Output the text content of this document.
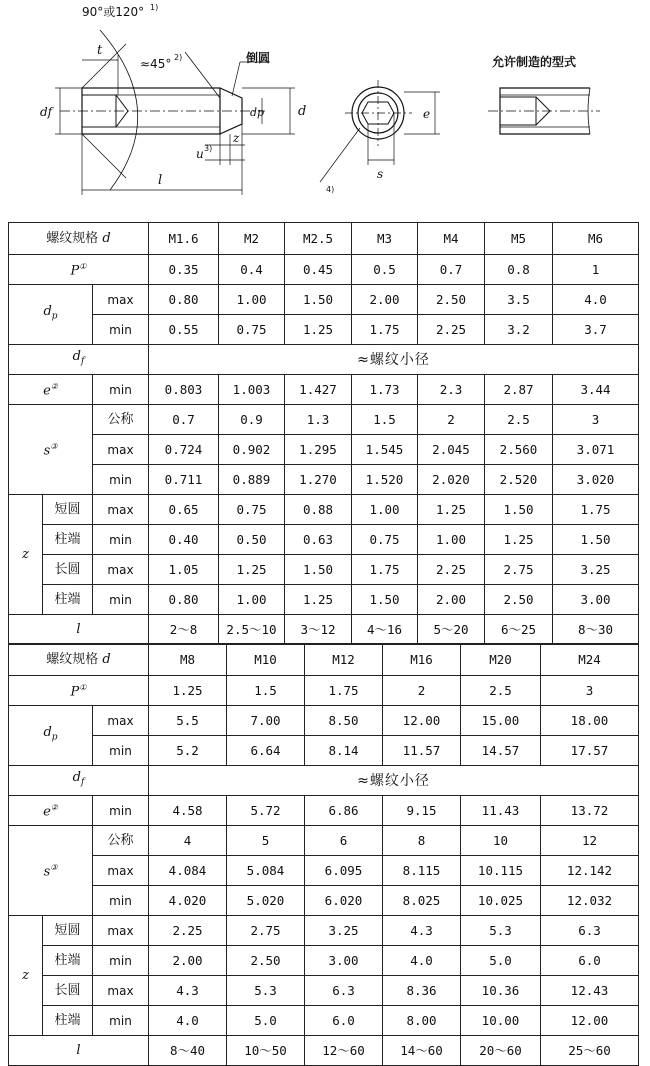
90°或120° 1)
t
≈45° 2)	倒圆
df	dp	d
u 3)
z
l
e
s
4)
允许制造的型式
螺纹规格 d			M1.6	M2	M2.5	M3	M4	M5	M6
P①			0.35	0.4	0.45	0.5	0.7	0.8	1
$d_p$		max	0.80	1.00	1.50	2.00	2.50	3.5	4.0
		min	0.55	0.75	1.25	1.75	2.25	3.2	3.7
$d_f$			≈螺纹小径						
e②		min	0.803	1.003	1.427	1.73	2.3	2.87	3.44
s③		公称	0.7	0.9	1.3	1.5	2	2.5	3
		max	0.724	0.902	1.295	1.545	2.045	2.560	3.071
		min	0.711	0.889	1.270	1.520	2.020	2.520	3.020
z	短圆	max	0.65	0.75	0.88	1.00	1.25	1.50	1.75
	柱端	min	0.40	0.50	0.63	0.75	1.00	1.25	1.50
	长圆	max	1.05	1.25	1.50	1.75	2.25	2.75	3.25
	柱端	min	0.80	1.00	1.25	1.50	2.00	2.50	3.00
l			2～8	2.5～10	3～12	4～16	5～20	6～25	8～30
螺纹规格 d			M8	M10	M12	M16	M20	M24
P①			1.25	1.5	1.75	2	2.5	3
$d_p$		max	5.5	7.00	8.50	12.00	15.00	18.00
		min	5.2	6.64	8.14	11.57	14.57	17.57
$d_f$			≈螺纹小径					
e②		min	4.58	5.72	6.86	9.15	11.43	13.72
s③		公称	4	5	6	8	10	12
		max	4.084	5.084	6.095	8.115	10.115	12.142
		min	4.020	5.020	6.020	8.025	10.025	12.032
z	短圆	max	2.25	2.75	3.25	4.3	5.3	6.3
	柱端	min	2.00	2.50	3.00	4.0	5.0	6.0
	长圆	max	4.3	5.3	6.3	8.36	10.36	12.43
	柱端	min	4.0	5.0	6.0	8.00	10.00	12.00
l			8～40	10～50	12～60	14～60	20～60	25～60
